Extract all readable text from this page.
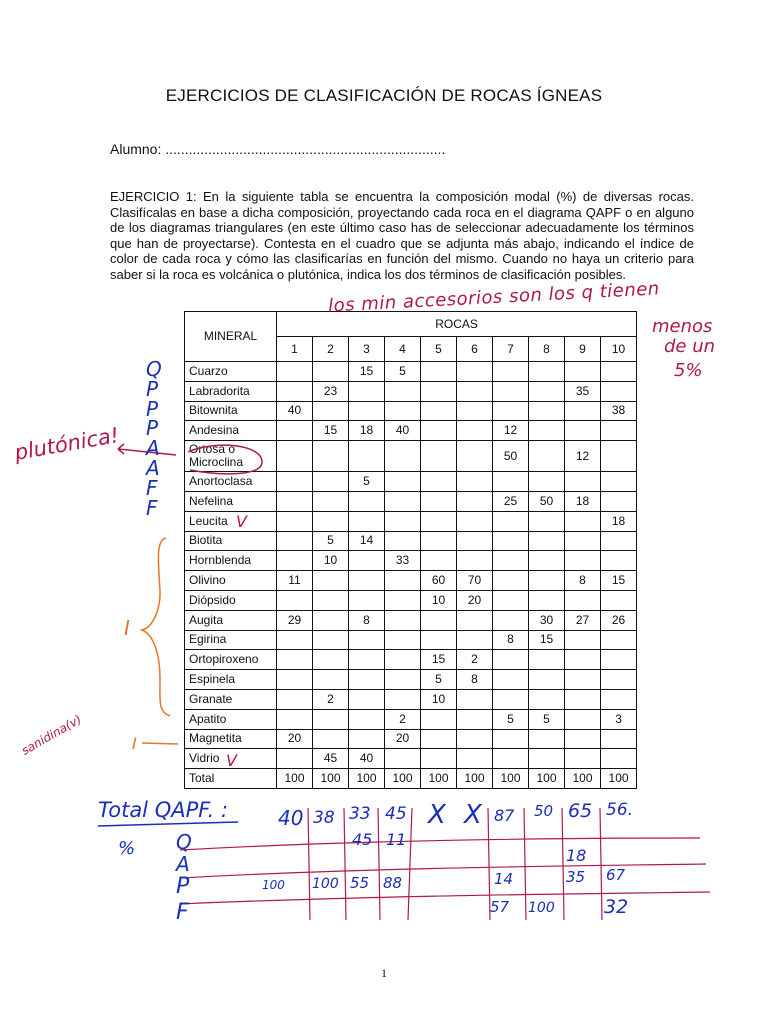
EJERCICIOS DE CLASIFICACIÓN DE ROCAS ÍGNEAS
Alumno: ........................................................................
EJERCICIO 1: En la siguiente tabla se encuentra la composición modal (%) de diversas rocas. Clasifícalas en base a dicha composición, proyectando cada roca en el diagrama QAPF o en alguno de los diagramas triangulares (en este último caso has de seleccionar adecuadamente los términos que han de proyectarse). Contesta en el cuadro que se adjunta más abajo, indicando el índice de color de cada roca y cómo las clasificarías en función del mismo. Cuando no haya un criterio para saber si la roca es volcánica o plutónica, indica los dos términos de clasificación posibles.
MINERAL	ROCAS									
	1	2	3	4	5	6	7	8	9	10
Cuarzo			15	5						
Labradorita		23							35	
Bitownita	40									38
Andesina		15	18	40			12			
Ortosa o Microclina							50		12	
Anortoclasa			5							
Nefelina							25	50	18	
Leucita										18
Biotita		5	14							
Hornblenda		10		33						
Olivino	11				60	70			8	15
Diópsido					10	20				
Augita	29		8					30	27	26
Egirina							8	15		
Ortopiroxeno					15	2				
Espinela					5	8				
Granate		2			10					
Apatito				2			5	5		3
Magnetita	20			20						
Vidrio		45	40							
Total	100	100	100	100	100	100	100	100	100	100
Q
P
P
P
A
A
F
F
plutónica!
los min accesorios son los q tienen
menos
de un
5%
V
V
I
I
sanidina(v)
Total QAPF. : 40 38 33 45 X X 87 50 65 56.
% Q
A
P
F
45 11
18
100 100 55 88	14	35 67
57 100	32
1
